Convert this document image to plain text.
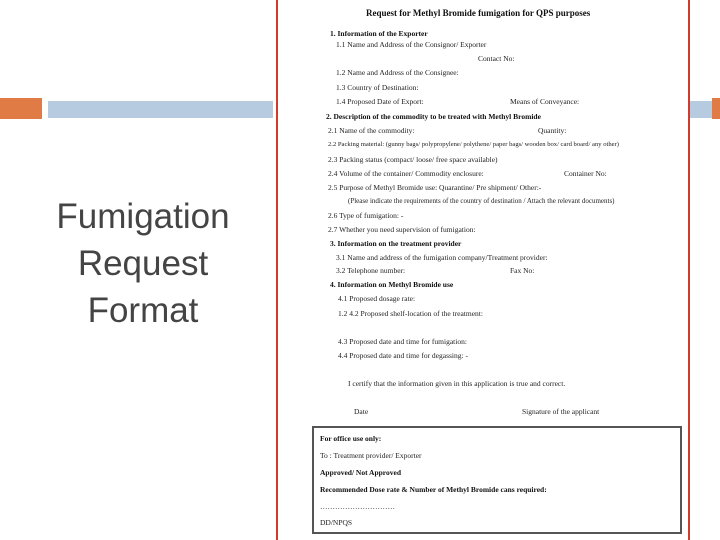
Fumigation
Request
Format
Request for Methyl Bromide fumigation for QPS purposes
1. Information of the Exporter
1.1 Name and Address of the Consignor/ Exporter
Contact No:
1.2 Name and Address of the Consignee:
1.3 Country of Destination:
1.4 Proposed Date of Export:	Means of Conveyance:
2. Description of the commodity to be treated with Methyl Bromide
2.1 Name of the commodity:	Quantity:
2.2 Packing material: (gunny bags/ polypropylene/ polythene/ paper bags/ wooden box/ card board/ any other)
2.3 Packing status (compact/ loose/ free space available)
2.4 Volume of the container/ Commodity enclosure:	Container No:
2.5 Purpose of Methyl Bromide use: Quarantine/ Pre shipment/ Other:-
(Please indicate the requirements of the country of destination / Attach the relevant documents)
2.6 Type of fumigation: -
2.7 Whether you need supervision of fumigation:
3. Information on the treatment provider
3.1 Name and address of the fumigation company/Treatment provider:
3.2 Telephone number:	Fax No:
4. Information on Methyl Bromide use
4.1 Proposed dosage rate:
1.2 4.2 Proposed shelf-location of the treatment:
4.3 Proposed date and time for fumigation:
4.4 Proposed date and time for degassing: -
I certify that the information given in this application is true and correct.
Date	Signature of the applicant
For office use only:
To : Treatment provider/ Exporter
Approved/ Not Approved
Recommended Dose rate & Number of Methyl Bromide cans required:
…………………………
DD/NPQS
